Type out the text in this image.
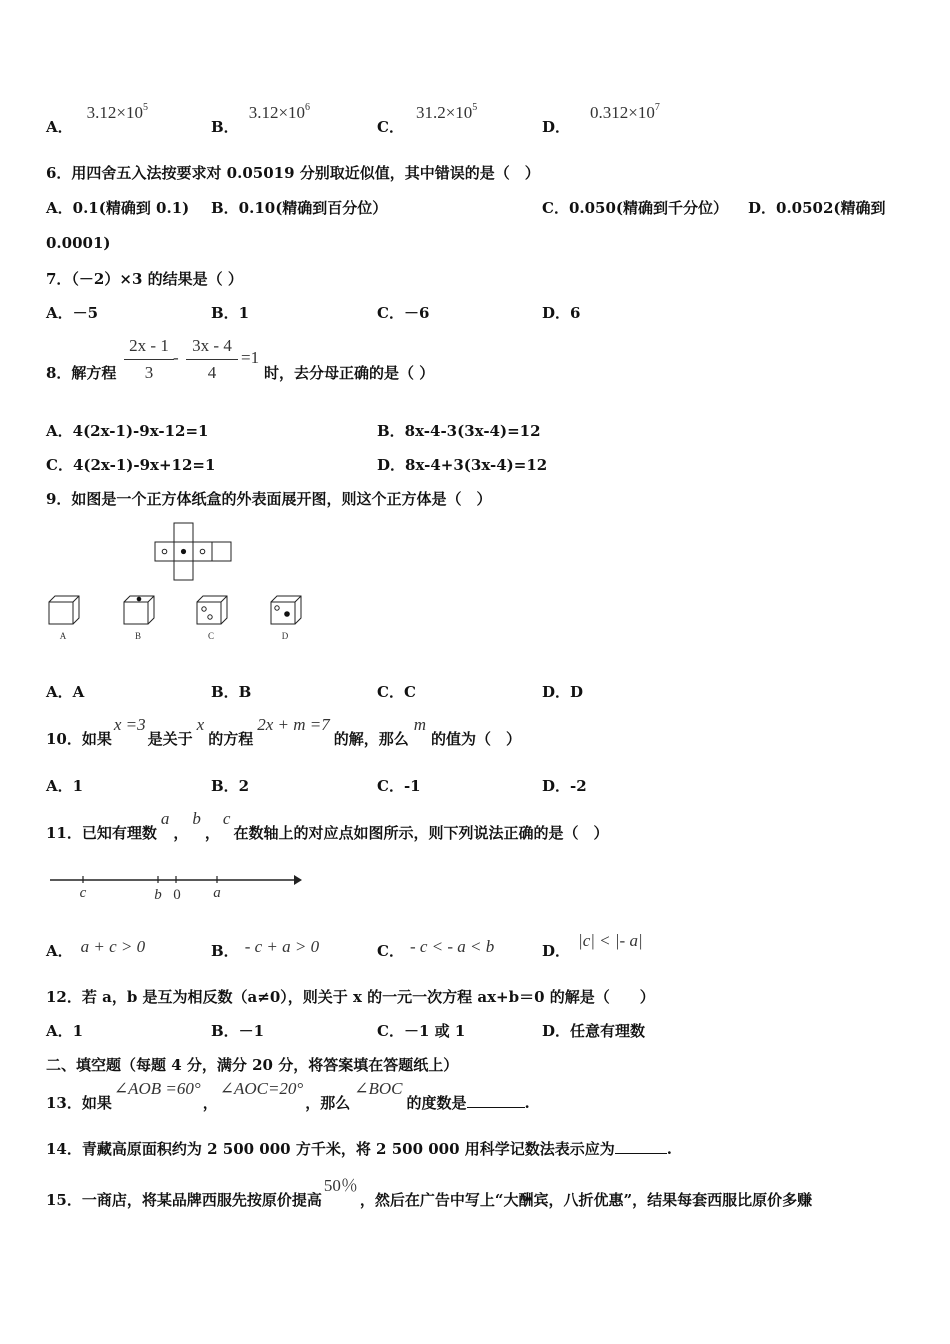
A．$3.12\times 10^5$
B．$3.12\times 10^6$
C．$31.2\times 10^5$
D．$0.312\times 10^7$
6．用四舍五入法按要求对 0.05019 分别取近似值，其中错误的是（　）
A．0.1(精确到 0.1) B．0.10(精确到百分位）	C．0.050(精确到千分位） D．0.0502(精确到
0.0001)
7．（－2）×3 的结果是（ ）
A．－5	B．1	C．－6	D．6
8．解方程
2x - 1
3
-
3x - 4
4
=1
时，去分母正确的是（ ）
A．4(2x-1)-9x-12=1	B．8x-4-3(3x-4)=12
C．4(2x-1)-9x+12=1	D．8x-4+3(3x-4)=12
9．如图是一个正方体纸盒的外表面展开图，则这个正方体是（　）
A	B	C	D
A．A	B．B	C．C	D．D
10．如果x =3是关于x的方程2x + m =7的解，那么m的值为（　）
A．1	B．2	C．-1	D．-2
11．已知有理数a，b，c在数轴上的对应点如图所示，则下列说法正确的是（　）
c	b 0 a
A． a + c > 0	B． - c + a > 0	C． - c < - a < b	D．|c| < |- a|
12．若 a，b 是互为相反数（a≠0），则关于 x 的一元一次方程 ax+b＝0 的解是（　　）
A．1	B．－1	C．－1 或 1	D．任意有理数
二、填空题（每题 4 分，满分 20 分，将答案填在答题纸上）
13．如果∠AOB =60°，∠AOC=20°，那么∠BOC的度数是	.
14．青藏高原面积约为 2 500 000 方千米，将 2 500 000 用科学记数法表示应为	.
15．一商店，将某品牌西服先按原价提高50％，然后在广告中写上“大酬宾，八折优惠”，结果每套西服比原价多赚
